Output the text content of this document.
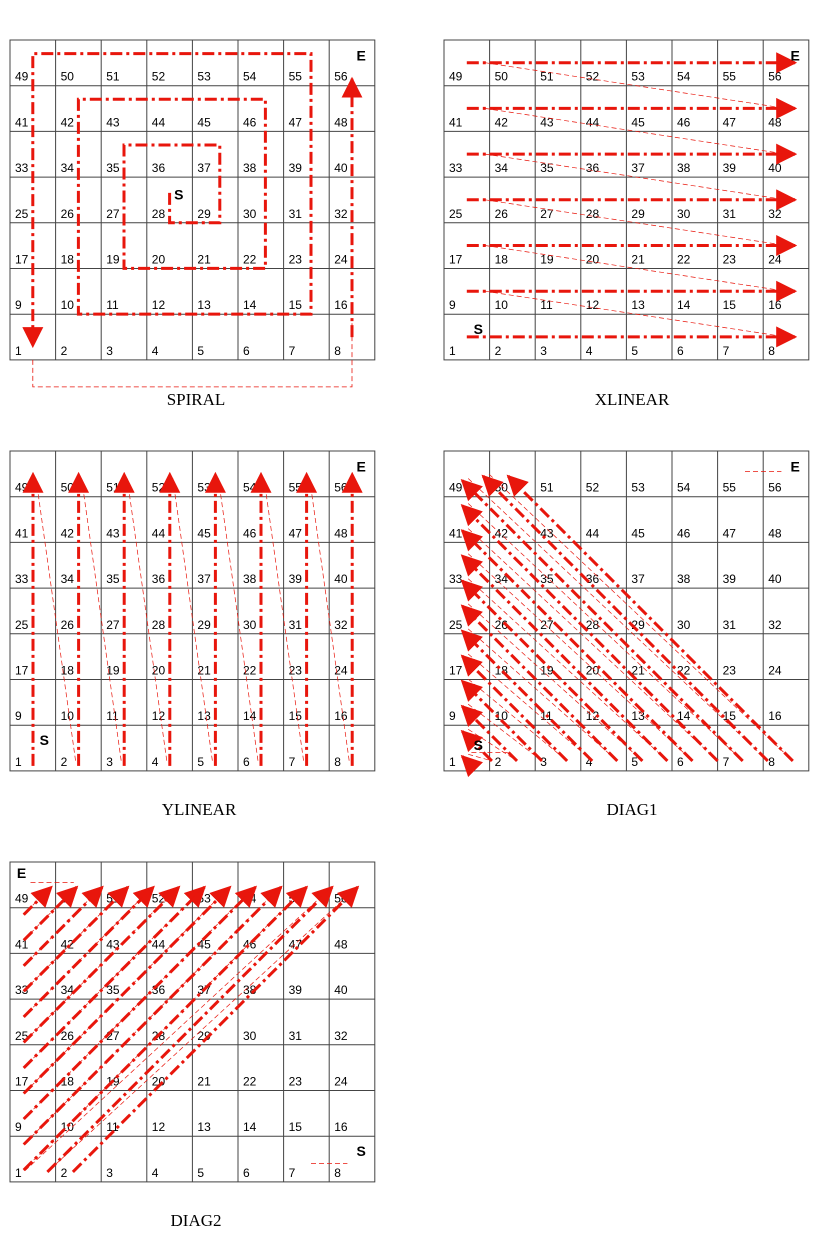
1	2	3	4	5	6	7	8
9	10	11	12	13	14	15	16
17	18	19	20	21	22	23	24
25	26	27	28	29	30	31	32
33	34	35	36	37	38	39	40
41	42	43	44	45	46	47	48
49	50	51	52	53	54	55	56
S
E
1	2	3	4	5	6	7	8
9	10	11	12	13	14	15	16
17	18	19	20	21	22	23	24
25	26	27	28	29	30	31	32
33	34	35	36	37	38	39	40
41	42	43	44	45	46	47	48
49	50	51	52	53	54	55	56
S
E
1	2	3	4	5	6	7	8
9	10	11	12	13	14	15	16
17	18	19	20	21	22	23	24
25	26	27	28	29	30	31	32
33	34	35	36	37	38	39	40
41	42	43	44	45	46	47	48
49	50	51	52	53	54	55	56
S
E
1	2	3	4	5	6	7	8
9	10	11	12	13	14	15	16
17	18	19	20	21	22	23	24
25	26	27	28	29	30	31	32
33	34	35	36	37	38	39	40
41	42	43	44	45	46	47	48
49	50	51	52	53	54	55	56
S
E
1	2	3	4	5	6	7	8
9	10	11	12	13	14	15	16
17	18	19	20	21	22	23	24
25	26	27	28	29	30	31	32
33	34	35	36	37	38	39	40
41	42	43	44	45	46	47	48
49	50	51	52	53	54	55	56
S
E
SPIRAL	XLINEAR
YLINEAR	DIAG1
DIAG2
